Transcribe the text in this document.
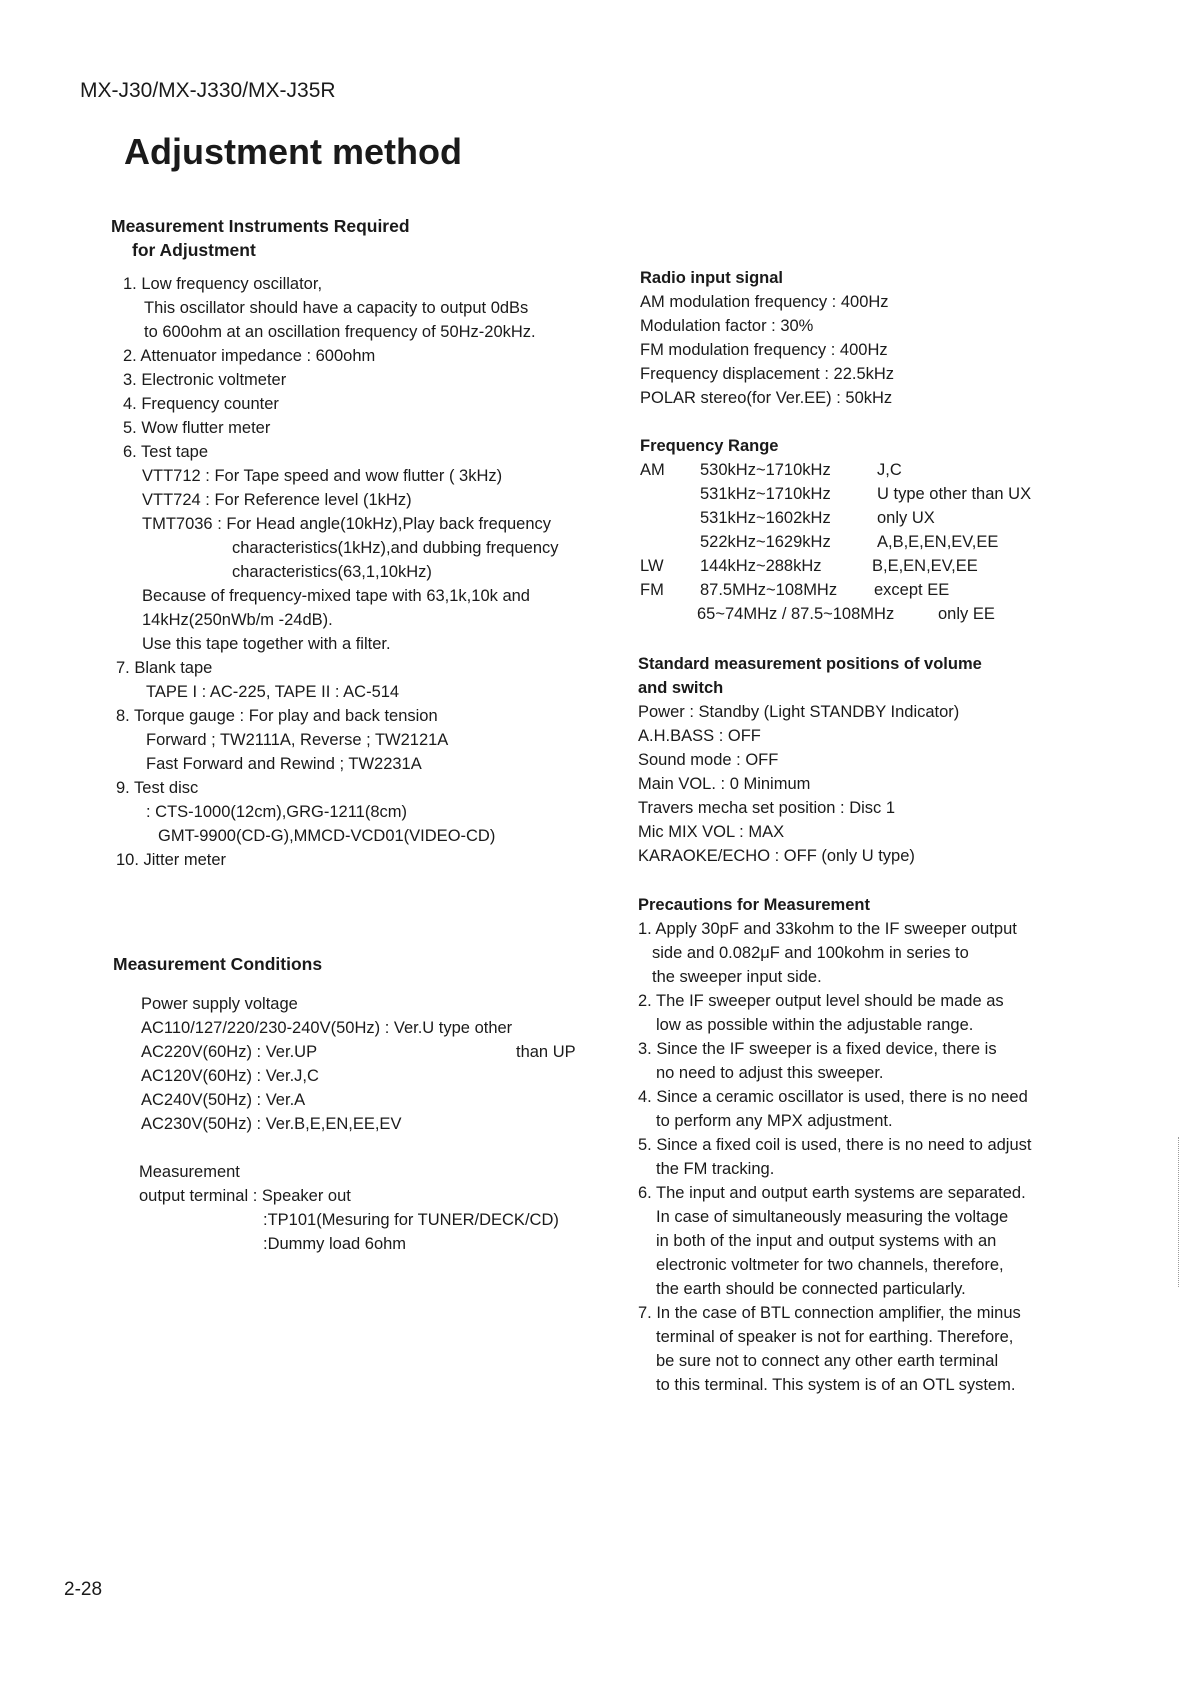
MX-J30/MX-J330/MX-J35R
Adjustment method
Measurement Instruments Required
for Adjustment
1. Low frequency oscillator,
This oscillator should have a capacity to output 0dBs
to 600ohm at an oscillation frequency of 50Hz-20kHz.
2. Attenuator impedance : 600ohm
3. Electronic voltmeter
4. Frequency counter
5. Wow flutter meter
6. Test tape
VTT712 : For Tape speed and wow flutter ( 3kHz)
VTT724 : For Reference level (1kHz)
TMT7036 : For Head angle(10kHz),Play back frequency
characteristics(1kHz),and dubbing frequency
characteristics(63,1,10kHz)
Because of frequency-mixed tape with 63,1k,10k and
14kHz(250nWb/m -24dB).
Use this tape together with a filter.
7. Blank tape
TAPE I : AC-225, TAPE II : AC-514
8. Torque gauge : For play and back tension
Forward ; TW2111A, Reverse ; TW2121A
Fast Forward and Rewind ; TW2231A
9. Test disc
: CTS-1000(12cm),GRG-1211(8cm)
GMT-9900(CD-G),MMCD-VCD01(VIDEO-CD)
10. Jitter meter
Measurement Conditions
Power supply voltage
AC110/127/220/230-240V(50Hz) : Ver.U type other
than UP
AC220V(60Hz) : Ver.UP
AC120V(60Hz) : Ver.J,C
AC240V(50Hz) : Ver.A
AC230V(50Hz) : Ver.B,E,EN,EE,EV
Measurement
output terminal : Speaker out
:TP101(Mesuring for TUNER/DECK/CD)
:Dummy load 6ohm
Radio input signal
AM modulation frequency : 400Hz
Modulation factor : 30%
FM modulation frequency : 400Hz
Frequency displacement : 22.5kHz
POLAR stereo(for Ver.EE) : 50kHz
Frequency Range
AM 530kHz~1710kHz	J,C
531kHz~1710kHz	U type other than UX
531kHz~1602kHz	only UX
522kHz~1629kHz	A,B,E,EN,EV,EE
LW 144kHz~288kHz	B,E,EN,EV,EE
FM 87.5MHz~108MHz except EE
65~74MHz / 87.5~108MHz	only EE
Standard measurement positions of volume
and switch
Power : Standby (Light STANDBY Indicator)
A.H.BASS : OFF
Sound mode : OFF
Main VOL. : 0 Minimum
Travers mecha set position : Disc 1
Mic MIX VOL : MAX
KARAOKE/ECHO : OFF (only U type)
Precautions for Measurement
1. Apply 30pF and 33kohm to the IF sweeper output
side and 0.082μF and 100kohm in series to
the sweeper input side.
2. The IF sweeper output level should be made as
low as possible within the adjustable range.
3. Since the IF sweeper is a fixed device, there is
no need to adjust this sweeper.
4. Since a ceramic oscillator is used, there is no need
to perform any MPX adjustment.
5. Since a fixed coil is used, there is no need to adjust
the FM tracking.
6. The input and output earth systems are separated.
In case of simultaneously measuring the voltage
in both of the input and output systems with an
electronic voltmeter for two channels, therefore,
the earth should be connected particularly.
7. In the case of BTL connection amplifier, the minus
terminal of speaker is not for earthing. Therefore,
be sure not to connect any other earth terminal
to this terminal. This system is of an OTL system.
2-28
